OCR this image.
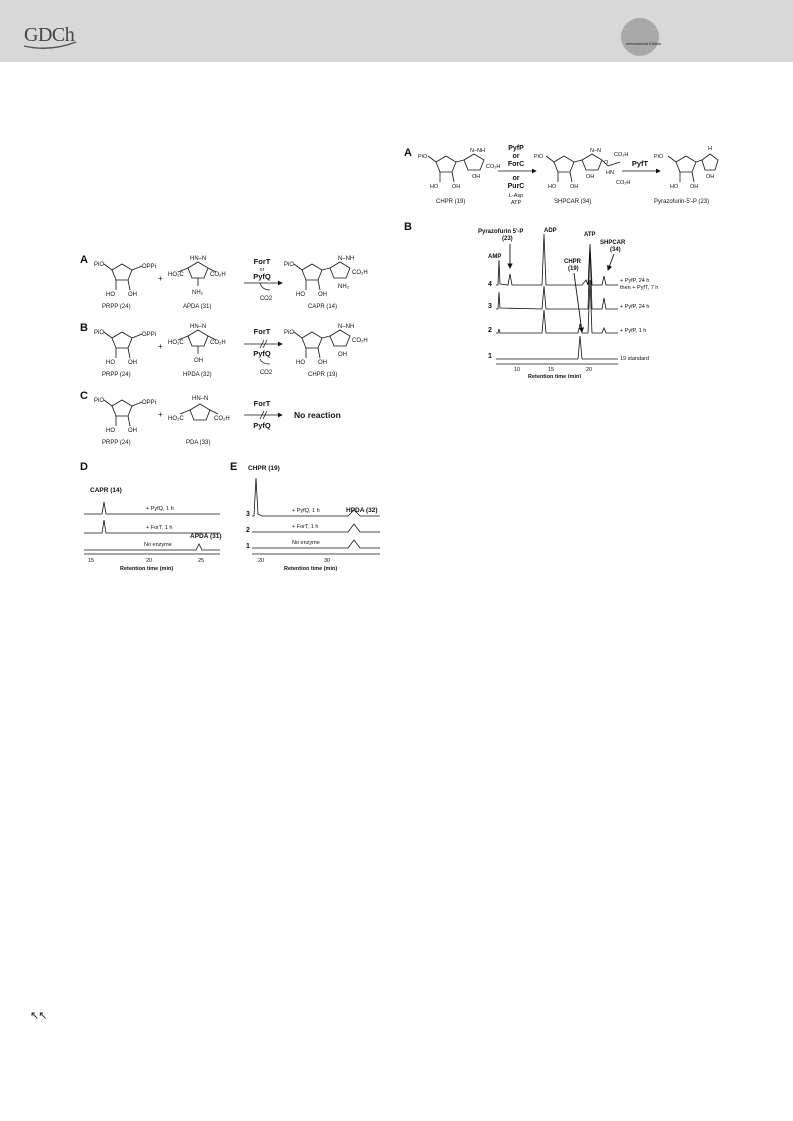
GDCh	International Edition
A PiO	OPPi
HO OH
PRPP (24)
+
HN–N
HO₂C	CO₂H
NH₂
APDA (31)
ForT
or
PyfQ
CO2
PiO
N–NH
CO₂H
NH₂
HO OH
CAPR (14)
B PiO	OPPi
HO OH
PRPP (24)
+
HN–N
HO₂C	CO₂H
OH
HPDA (32)
ForT
PyfQ
CO2
PiO
N–NH
CO₂H
OH
HO OH
CHPR (19)
C PiO	OPPi
HO OH
PRPP (24)
+
HN–N
HO₂C	CO₂H
PDA (33)
ForT
PyfQ
No reaction
D
CAPR (14)
+ PyfQ, 1 h
+ ForT, 1 h
No enzyme
APDA (31)
15	20	25
Retention time (min)
E CHPR (19)
3	+ PyfQ, 1 h	HPDA (32)
2	+ ForT, 1 h
1	No enzyme
20	30
Retention time (min)
A PiO
N–NH
CO₂H
OH
HO	OH
CHPR (19)
PyfP
or
ForC
or
PurC
L-Asp
ATP
PiO
N–N
CO₂H
O
HN
CO₂H
OH
HO	OH
SHPCAR (34)
PyfT
PiO
H
OH
HO OH
Pyrazofurin-5'-P (23)
B	Pyrazofurin 5'-P
(23)
ADP
ATP
SHPCAR
(34)
AMP
CHPR
(19)
4	+ PyfP, 24 h
then + PyfT, 7 h
3	+ PyfP, 24 h
2	+ PyfP, 1 h
1	19 standard
10	15	20
Retention time (min)
↖↖
